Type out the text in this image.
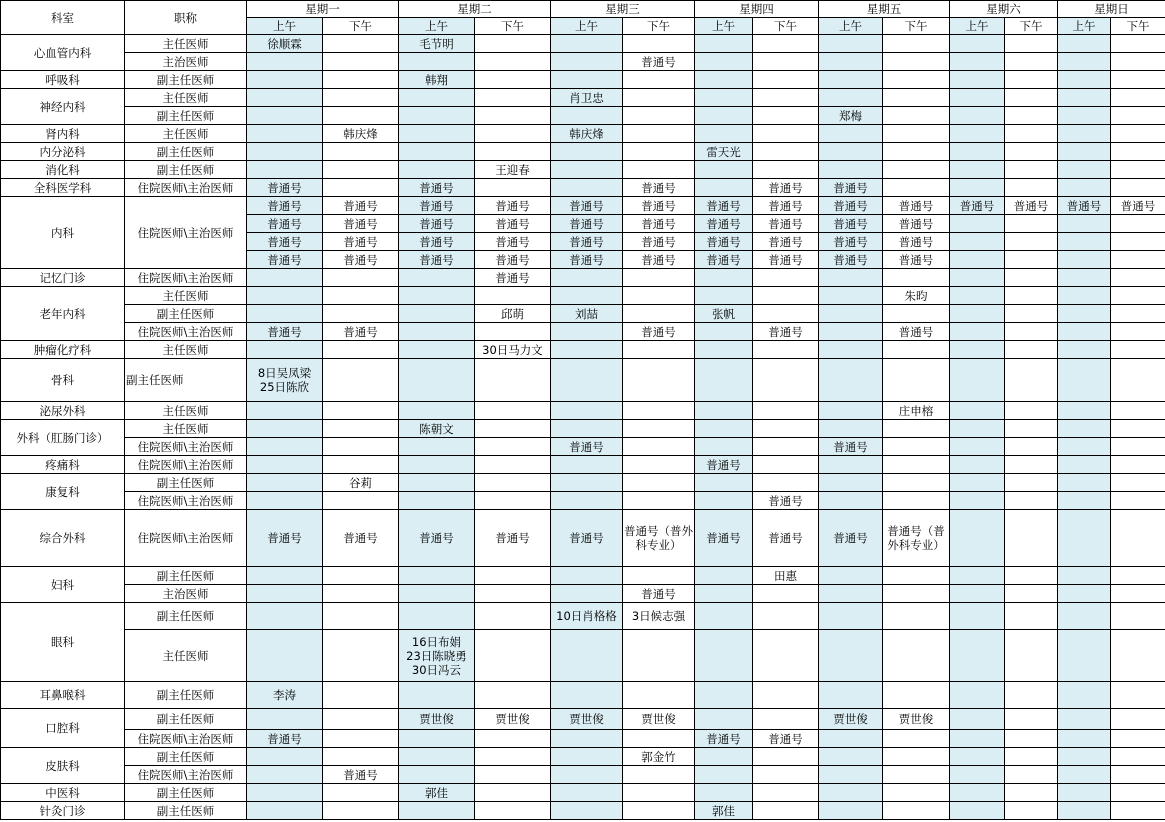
科室	职称	星期一		星期二		星期三		星期四		星期五		星期六		星期日	
		上午	下午	上午	下午	上午	下午	上午	下午	上午	下午	上午	下午	上午	下午
心血管内科	主任医师	徐顺霖		毛节明											
	主治医师						普通号								
呼吸科	副主任医师			韩翔											
神经内科	主任医师					肖卫忠									
	副主任医师									郑梅					
肾内科	主任医师		韩庆烽			韩庆烽									
内分泌科	副主任医师							雷天光							
消化科	副主任医师				王迎春										
全科医学科	住院医师\主治医师	普通号		普通号			普通号		普通号	普通号					
内科	住院医师\主治医师	普通号	普通号	普通号	普通号	普通号	普通号	普通号	普通号	普通号	普通号	普通号	普通号	普通号	普通号
		普通号	普通号	普通号	普通号	普通号	普通号	普通号	普通号	普通号	普通号				
		普通号	普通号	普通号	普通号	普通号	普通号	普通号	普通号	普通号	普通号				
		普通号	普通号	普通号	普通号	普通号	普通号	普通号	普通号	普通号	普通号				
记忆门诊	住院医师\主治医师				普通号										
老年内科	主任医师										朱昀				
	副主任医师				邱萌	刘喆		张帆							
	住院医师\主治医师	普通号	普通号				普通号		普通号		普通号				
肿瘤化疗科	主任医师				30日马力文										
骨科	副主任医师	8日吴凤梁
25日陈欣													
泌尿外科	主任医师										庄申榕				
外科（肛肠门诊）	主任医师			陈朝文											
	住院医师\主治医师					普通号				普通号					
疼痛科	住院医师\主治医师							普通号							
康复科	副主任医师		谷莉												
	住院医师\主治医师								普通号						
综合外科	住院医师\主治医师	普通号	普通号	普通号	普通号	普通号	普通号（普外科专业）	普通号	普通号	普通号	普通号（普外科专业）				
妇科	副主任医师								田惠						
	主治医师						普通号								
眼科	副主任医师					10日肖格格	3日候志强								
	主任医师			16日布娟
23日陈晓勇
30日冯云											
耳鼻喉科	副主任医师	李涛													
口腔科	副主任医师			贾世俊	贾世俊	贾世俊	贾世俊			贾世俊	贾世俊				
	住院医师\主治医师	普通号						普通号	普通号						
皮肤科	副主任医师						郭金竹								
	住院医师\主治医师		普通号												
中医科	副主任医师			郭佳											
针灸门诊	副主任医师							郭佳							
